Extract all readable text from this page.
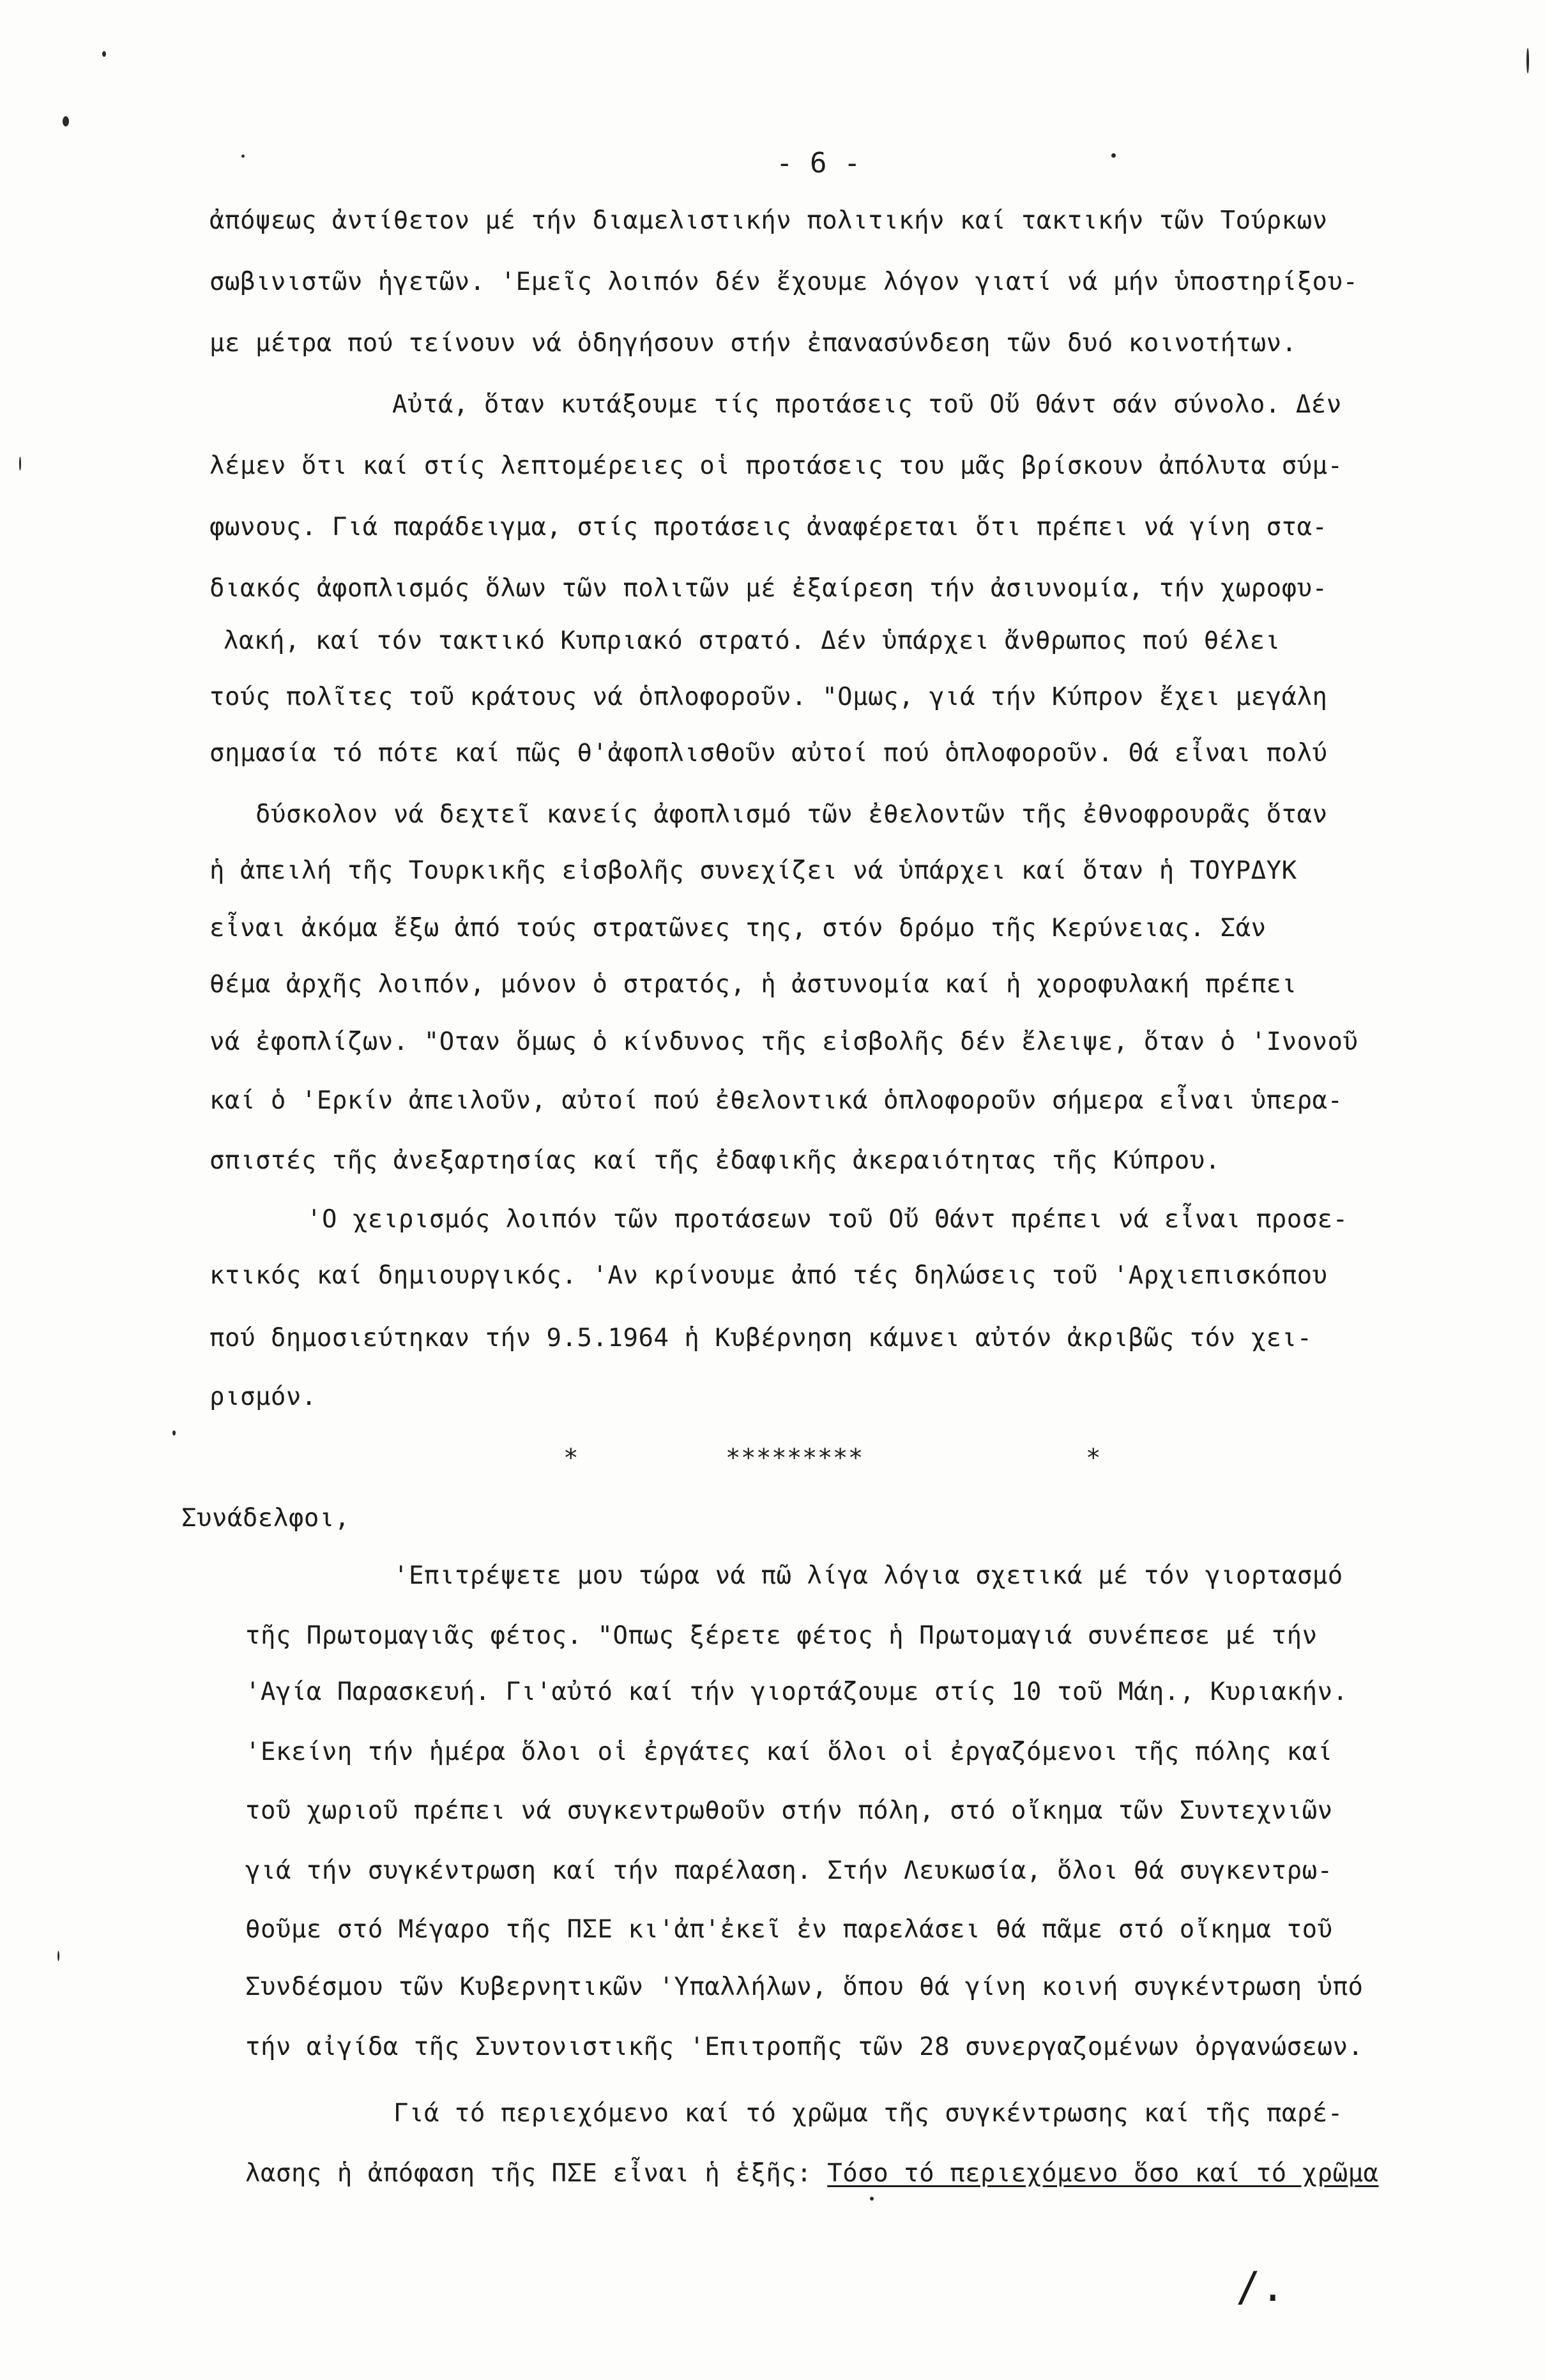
- 6 -
ἀπόψεως ἀντίθετον μέ τήν διαμελιστικήν πολιτικήν καί τακτικήν τῶν Τούρκων
σωβινιστῶν ἡγετῶν. 'Εμεῖς λοιπόν δέν ἔχουμε λόγον γιατί νά μήν ὑποστηρίξου-
με μέτρα πού τείνουν νά ὁδηγήσουν στήν ἐπανασύνδεση τῶν δυό κοινοτήτων.
Αὐτά, ὅταν κυτάξουμε τίς προτάσεις τοῦ Οὔ Θάντ σάν σύνολο. Δέν
λέμεν ὅτι καί στίς λεπτομέρειες οἱ προτάσεις του μᾶς βρίσκουν ἀπόλυτα σύμ-
φωνους. Γιά παράδειγμα, στίς προτάσεις ἀναφέρεται ὅτι πρέπει νά γίνη στα-
διακός ἀφοπλισμός ὅλων τῶν πολιτῶν μέ ἐξαίρεση τήν ἀσιυνομία, τήν χωροφυ-
λακή, καί τόν τακτικό Κυπριακό στρατό. Δέν ὑπάρχει ἄνθρωπος πού θέλει
τούς πολῖτες τοῦ κράτους νά ὁπλοφοροῦν. "Ομως, γιά τήν Κύπρον ἔχει μεγάλη
σημασία τό πότε καί πῶς θ'ἀφοπλισθοῦν αὐτοί πού ὁπλοφοροῦν. Θά εἶναι πολύ
δύσκολον νά δεχτεῖ κανείς ἀφοπλισμό τῶν ἐθελοντῶν τῆς ἐθνοφρουρᾶς ὅταν
ἡ ἀπειλή τῆς Τουρκικῆς εἰσβολῆς συνεχίζει νά ὑπάρχει καί ὅταν ἡ ΤΟΥΡΔΥΚ
εἶναι ἀκόμα ἔξω ἀπό τούς στρατῶνες της, στόν δρόμο τῆς Κερύνειας. Σάν
θέμα ἀρχῆς λοιπόν, μόνον ὁ στρατός, ἡ ἀστυνομία καί ἡ χοροφυλακή πρέπει
νά ἐφοπλίζων. "Οταν ὅμως ὁ κίνδυνος τῆς εἰσβολῆς δέν ἔλειψε, ὅταν ὁ 'Ινονοῦ
καί ὁ 'Ερκίν ἀπειλοῦν, αὐτοί πού ἐθελοντικά ὁπλοφοροῦν σήμερα εἶναι ὑπερα-
σπιστές τῆς ἀνεξαρτησίας καί τῆς ἐδαφικῆς ἀκεραιότητας τῆς Κύπρου.
'Ο χειρισμός λοιπόν τῶν προτάσεων τοῦ Οὔ Θάντ πρέπει νά εἶναι προσε-
κτικός καί δημιουργικός. 'Αν κρίνουμε ἀπό τές δηλώσεις τοῦ 'Αρχιεπισκόπου
πού δημοσιεύτηκαν τήν 9.5.1964 ἡ Κυβέρνηση κάμνει αὐτόν ἀκριβῶς τόν χει-
ρισμόν.
*	*********	*
Συνάδελφοι,
'Επιτρέψετε μου τώρα νά πῶ λίγα λόγια σχετικά μέ τόν γιορτασμό
τῆς Πρωτομαγιᾶς φέτος. "Οπως ξέρετε φέτος ἡ Πρωτομαγιά συνέπεσε μέ τήν
'Αγία Παρασκευή. Γι'αὐτό καί τήν γιορτάζουμε στίς 10 τοῦ Μάη., Κυριακήν.
'Εκείνη τήν ἡμέρα ὅλοι οἱ ἐργάτες καί ὅλοι οἱ ἐργαζόμενοι τῆς πόλης καί
τοῦ χωριοῦ πρέπει νά συγκεντρωθοῦν στήν πόλη, στό οἴκημα τῶν Συντεχνιῶν
γιά τήν συγκέντρωση καί τήν παρέλαση. Στήν Λευκωσία, ὅλοι θά συγκεντρω-
θοῦμε στό Μέγαρο τῆς ΠΣΕ κι'ἀπ'ἐκεῖ ἐν παρελάσει θά πᾶμε στό οἴκημα τοῦ
Συνδέσμου τῶν Κυβερνητικῶν 'Υπαλλήλων, ὅπου θά γίνη κοινή συγκέντρωση ὑπό
τήν αἰγίδα τῆς Συντονιστικῆς 'Επιτροπῆς τῶν 28 συνεργαζομένων ὀργανώσεων.
Γιά τό περιεχόμενο καί τό χρῶμα τῆς συγκέντρωσης καί τῆς παρέ-
λασης ἡ ἀπόφαση τῆς ΠΣΕ εἶναι ἡ ἑξῆς: Τόσο τό περιεχόμενο ὅσο καί τό χρῶμα
/.
